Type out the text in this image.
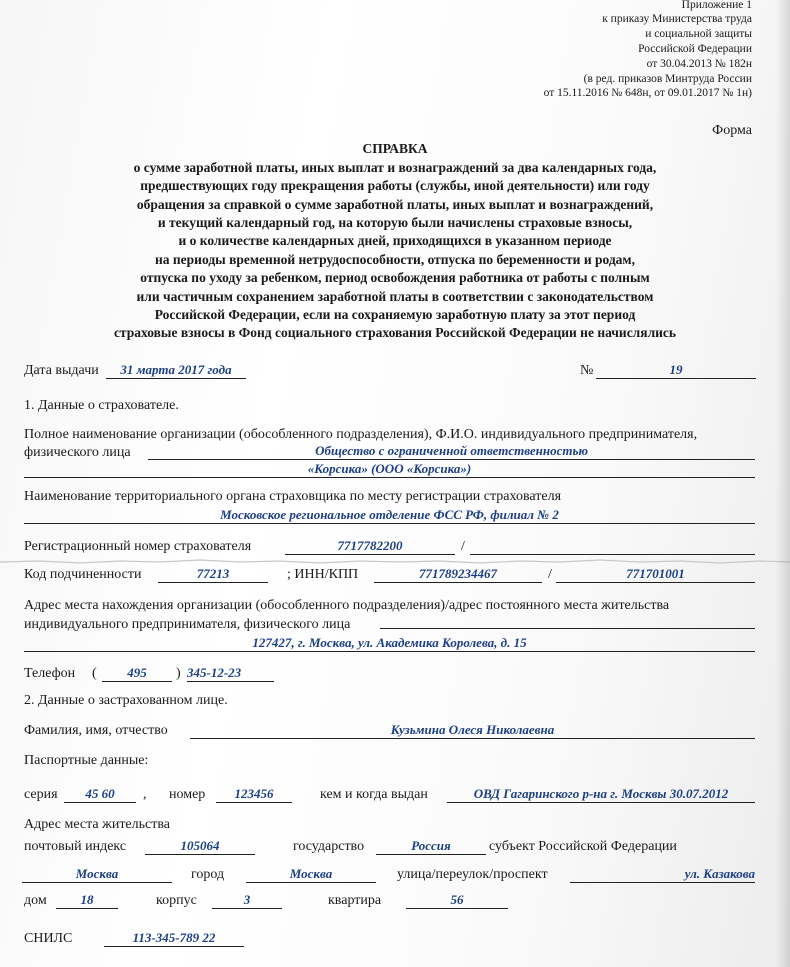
Приложение 1
к приказу Министерства труда
и социальной защиты
Российской Федерации
от 30.04.2013 № 182н
(в ред. приказов Минтруда России
от 15.11.2016 № 648н, от 09.01.2017 № 1н)
Форма
СПРАВКА
о сумме заработной платы, иных выплат и вознаграждений за два календарных года,
предшествующих году прекращения работы (службы, иной деятельности) или году
обращения за справкой о сумме заработной платы, иных выплат и вознаграждений,
и текущий календарный год, на которую были начислены страховые взносы,
и о количестве календарных дней, приходящихся в указанном периоде
на периоды временной нетрудоспособности, отпуска по беременности и родам,
отпуска по уходу за ребенком, период освобождения работника от работы с полным
или частичным сохранением заработной платы в соответствии с законодательством
Российской Федерации, если на сохраняемую заработную плату за этот период
страховые взносы в Фонд социального страхования Российской Федерации не начислялись
Дата выдачи	31 марта 2017 года	№	19
1. Данные о страхователе.
Полное наименование организации (обособленного подразделения), Ф.И.О. индивидуального предпринимателя,
физического лица	Общество с ограниченной ответственностью
«Корсика» (ООО «Корсика»)
Наименование территориального органа страховщика по месту регистрации страхователя
Московское региональное отделение ФСС РФ, филиал № 2
Регистрационный номер страхователя	7717782200	/
Код подчиненности	77213	; ИНН/КПП	771789234467	/	771701001
Адрес места нахождения организации (обособленного подразделения)/адрес постоянного места жительства
индивидуального предпринимателя, физического лица
127427, г. Москва, ул. Академика Королева, д. 15
Телефон (	495	) 345-12-23
2. Данные о застрахованном лице.
Фамилия, имя, отчество	Кузьмина Олеся Николаевна
Паспортные данные:
серия	45 60	, номер	123456	кем и когда выдан	ОВД Гагаринского р-на г. Москвы 30.07.2012
Адрес места жительства
почтовый индекс	105064	государство	Россия	субъект Российской Федерации
Москва	город	Москва	улица/переулок/проспект	ул. Казакова
дом	18	корпус	3	квартира	56
СНИЛС	113-345-789 22
